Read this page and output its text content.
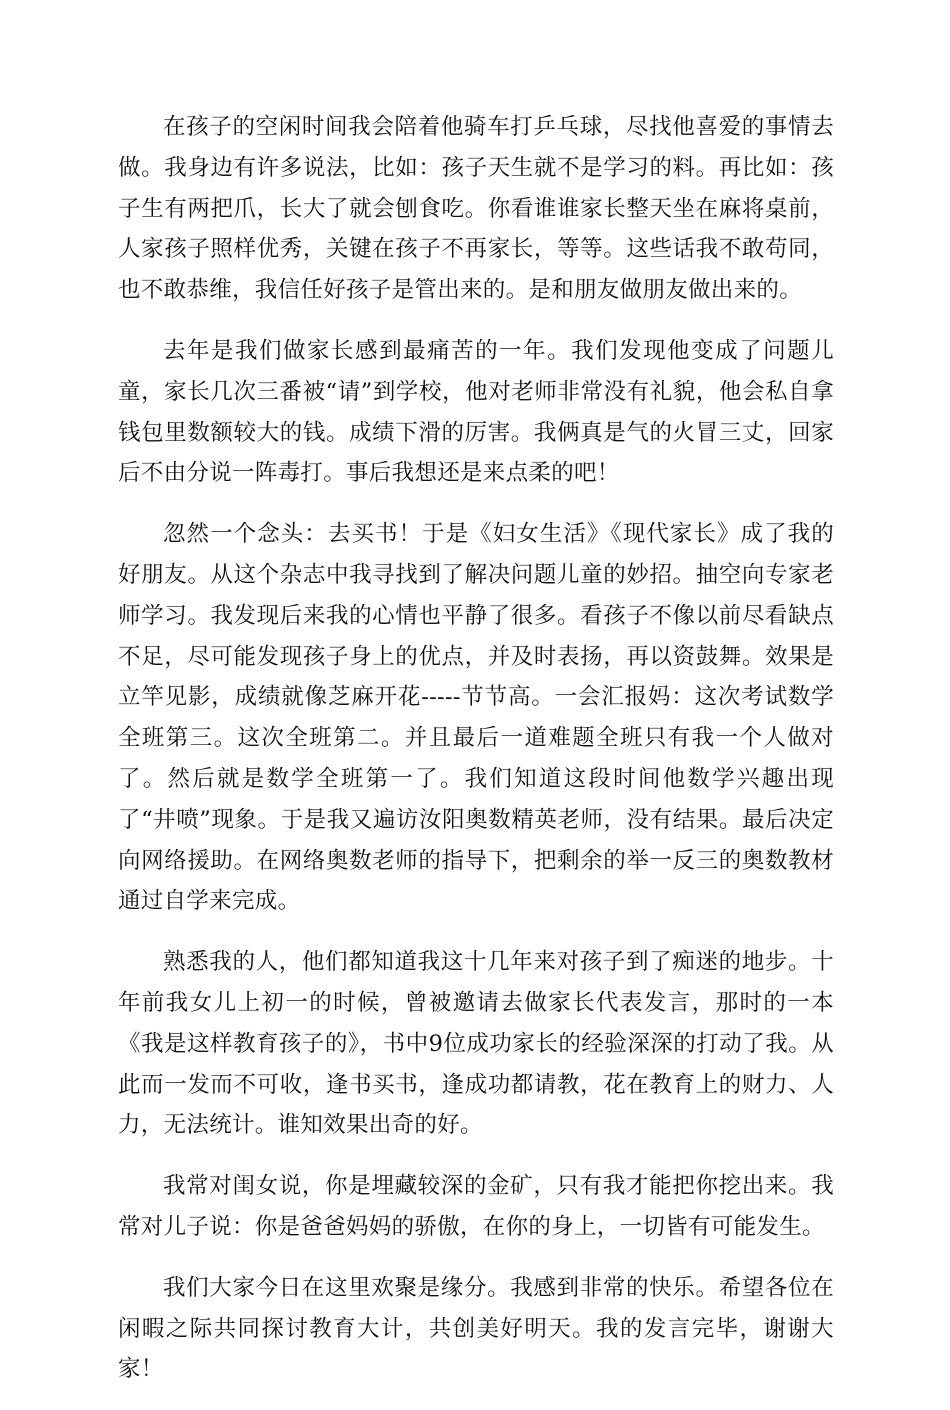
在孩子的空闲时间我会陪着他骑车打乒乓球，尽找他喜爱的事情去做。我身边有许多说法，比如：孩子天生就不是学习的料。再比如：孩子生有两把爪，长大了就会刨食吃。你看谁谁家长整天坐在麻将桌前，人家孩子照样优秀，关键在孩子不再家长，等等。这些话我不敢苟同，也不敢恭维，我信任好孩子是管出来的。是和朋友做朋友做出来的。

去年是我们做家长感到最痛苦的一年。我们发现他变成了问题儿童，家长几次三番被“请”到学校，他对老师非常没有礼貌，他会私自拿钱包里数额较大的钱。成绩下滑的厉害。我俩真是气的火冒三丈，回家后不由分说一阵毒打。事后我想还是来点柔的吧！

忽然一个念头：去买书！于是《妇女生活》《现代家长》成了我的好朋友。从这个杂志中我寻找到了解决问题儿童的妙招。抽空向专家老师学习。我发现后来我的心情也平静了很多。看孩子不像以前尽看缺点不足，尽可能发现孩子身上的优点，并及时表扬，再以资鼓舞。效果是立竿见影，成绩就像芝麻开花-----节节高。一会汇报妈：这次考试数学全班第三。这次全班第二。并且最后一道难题全班只有我一个人做对了。然后就是数学全班第一了。我们知道这段时间他数学兴趣出现了“井喷”现象。于是我又遍访汝阳奥数精英老师，没有结果。最后决定向网络援助。在网络奥数老师的指导下，把剩余的举一反三的奥数教材通过自学来完成。

熟悉我的人，他们都知道我这十几年来对孩子到了痴迷的地步。十年前我女儿上初一的时候，曾被邀请去做家长代表发言，那时的一本《我是这样教育孩子的》，书中9位成功家长的经验深深的打动了我。从此而一发而不可收，逢书买书，逢成功都请教，花在教育上的财力、人力，无法统计。谁知效果出奇的好。

我常对闺女说，你是埋藏较深的金矿，只有我才能把你挖出来。我常对儿子说：你是爸爸妈妈的骄傲，在你的身上，一切皆有可能发生。

我们大家今日在这里欢聚是缘分。我感到非常的快乐。希望各位在闲暇之际共同探讨教育大计，共创美好明天。我的发言完毕，谢谢大家！
